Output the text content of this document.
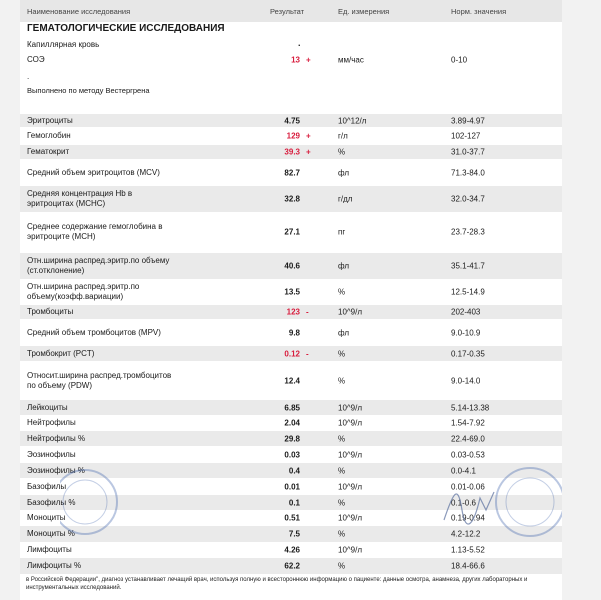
Наименование исследования	Результат	Ед. измерения	Норм. значения
ГЕМАТОЛОГИЧЕСКИЕ ИССЛЕДОВАНИЯ
Капиллярная кровь	.
СОЭ	13 +	мм/час	0-10
.
Выполнено по методу Вестергрена
Эритроциты	4.75	10^12/л	3.89-4.97
Гемоглобин	129 +	г/л	102-127
Гематокрит	39.3 +	%	31.0-37.7
Средний объем эритроцитов (MCV)	82.7	фл	71.3-84.0
Средняя концентрация Hb в эритроцитах (MCHC)	32.8	г/дл	32.0-34.7
Среднее содержание гемоглобина в эритроците (MCH)	27.1	пг	23.7-28.3
Отн.ширина распред.эритр.по объему (ст.отклонение)	40.6	фл	35.1-41.7
Отн.ширина распред.эритр.по объему(коэфф.вариации)	13.5	%	12.5-14.9
Тромбоциты	123 -	10^9/л	202-403
Средний объем тромбоцитов (MPV)	9.8	фл	9.0-10.9
Тромбокрит (PCT)	0.12 -	%	0.17-0.35
Относит.ширина распред.тромбоцитов по объему (PDW)	12.4	%	9.0-14.0
Лейкоциты	6.85	10^9/л	5.14-13.38
Нейтрофилы	2.04	10^9/л	1.54-7.92
Нейтрофилы %	29.8	%	22.4-69.0
Эозинофилы	0.03	10^9/л	0.03-0.53
Эозинофилы %	0.4	%	0.0-4.1
Базофилы	0.01	10^9/л	0.01-0.06
Базофилы %	0.1	%	0.1-0.6
Моноциты	0.51	10^9/л	0.19-0.94
Моноциты %	7.5	%	4.2-12.2
Лимфоциты	4.26	10^9/л	1.13-5.52
Лимфоциты %	62.2	%	18.4-66.6
в Российской Федерации", диагноз устанавливает лечащий врач, используя полную и всестороннюю информацию о пациенте: данные осмотра, анамнеза, других лабораторных и инструментальных исследований.
